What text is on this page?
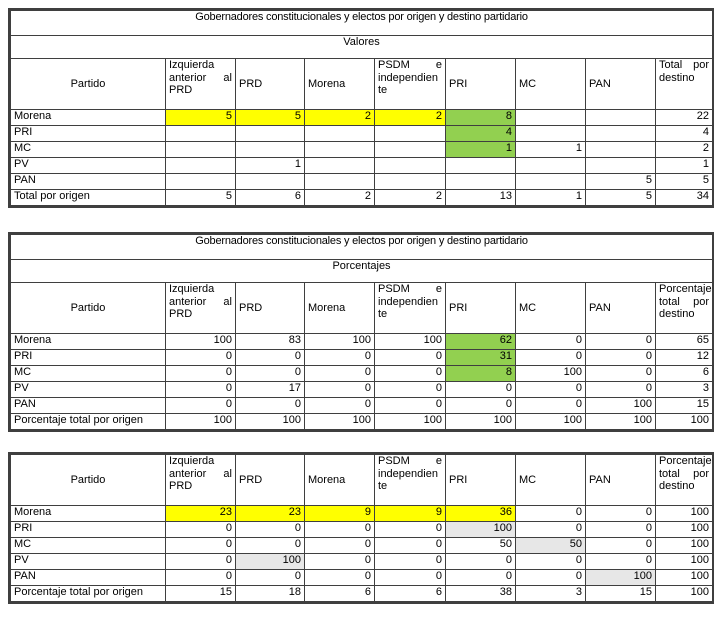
Gobernadores constitucionales y electos por origen y destino partidario								
Valores								
Partido	Izquierda
anterior al
PRD	PRD	Morena	PSDM e
independien
te	PRI	MC	PAN	Total por
destino

Morena	5	5	2	2	8			22
PRI					4			4
MC					1	1		2
PV		1						1
PAN							5	5
Total por origen	5	6	2	2	13	1	5	34
Gobernadores constitucionales y electos por origen y destino partidario								
Porcentajes								
Partido	Izquierda
anterior al
PRD	PRD	Morena	PSDM e
independien
te	PRI	MC	PAN	Porcentaje
total por
destino

Morena	100	83	100	100	62	0	0	65
PRI	0	0	0	0	31	0	0	12
MC	0	0	0	0	8	100	0	6
PV	0	17	0	0	0	0	0	3
PAN	0	0	0	0	0	0	100	15
Porcentaje total por origen	100	100	100	100	100	100	100	100
Partido	Izquierda
anterior al
PRD	PRD	Morena	PSDM e
independien
te	PRI	MC	PAN	Porcentaje
total por
destino

Morena	23	23	9	9	36	0	0	100
PRI	0	0	0	0	100	0	0	100
MC	0	0	0	0	50	50	0	100
PV	0	100	0	0	0	0	0	100
PAN	0	0	0	0	0	0	100	100
Porcentaje total por origen	15	18	6	6	38	3	15	100
